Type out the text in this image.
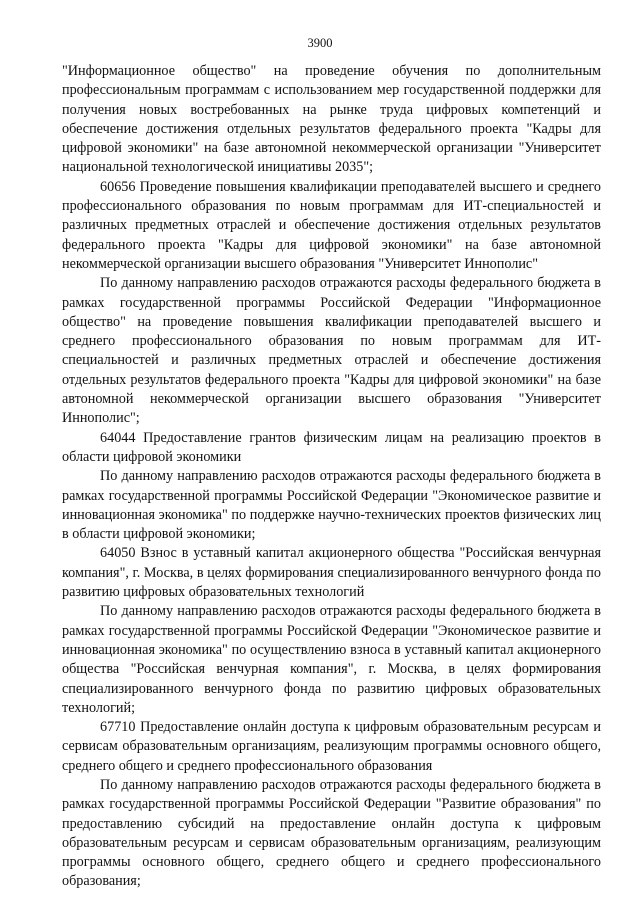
3900

"Информационное общество" на проведение обучения по дополнительным профессиональным программам с использованием мер государственной поддержки для получения новых востребованных на рынке труда цифровых компетенций и обеспечение достижения отдельных результатов федерального проекта "Кадры для цифровой экономики" на базе автономной некоммерческой организации "Университет национальной технологической инициативы 2035";

60656 Проведение повышения квалификации преподавателей высшего и среднего профессионального образования по новым программам для ИТ-специальностей и различных предметных отраслей и обеспечение достижения отдельных результатов федерального проекта "Кадры для цифровой экономики" на базе автономной некоммерческой организации высшего образования "Университет Иннополис"

По данному направлению расходов отражаются расходы федерального бюджета в рамках государственной программы Российской Федерации "Информационное общество" на проведение повышения квалификации преподавателей высшего и среднего профессионального образования по новым программам для ИТ-специальностей и различных предметных отраслей и обеспечение достижения отдельных результатов федерального проекта "Кадры для цифровой экономики" на базе автономной некоммерческой организации высшего образования "Университет Иннополис";

64044 Предоставление грантов физическим лицам на реализацию проектов в области цифровой экономики

По данному направлению расходов отражаются расходы федерального бюджета в рамках государственной программы Российской Федерации "Экономическое развитие и инновационная экономика" по поддержке научно-технических проектов физических лиц в области цифровой экономики;

64050 Взнос в уставный капитал акционерного общества "Российская венчурная компания", г. Москва, в целях формирования специализированного венчурного фонда по развитию цифровых образовательных технологий

По данному направлению расходов отражаются расходы федерального бюджета в рамках государственной программы Российской Федерации "Экономическое развитие и инновационная экономика" по осуществлению взноса в уставный капитал акционерного общества "Российская венчурная компания", г. Москва, в целях формирования специализированного венчурного фонда по развитию цифровых образовательных технологий;

67710 Предоставление онлайн доступа к цифровым образовательным ресурсам и сервисам образовательным организациям, реализующим программы основного общего, среднего общего и среднего профессионального образования

По данному направлению расходов отражаются расходы федерального бюджета в рамках государственной программы Российской Федерации "Развитие образования" по предоставлению субсидий на предоставление онлайн доступа к цифровым образовательным ресурсам и сервисам образовательным организациям, реализующим программы основного общего, среднего общего и среднего профессионального образования;
